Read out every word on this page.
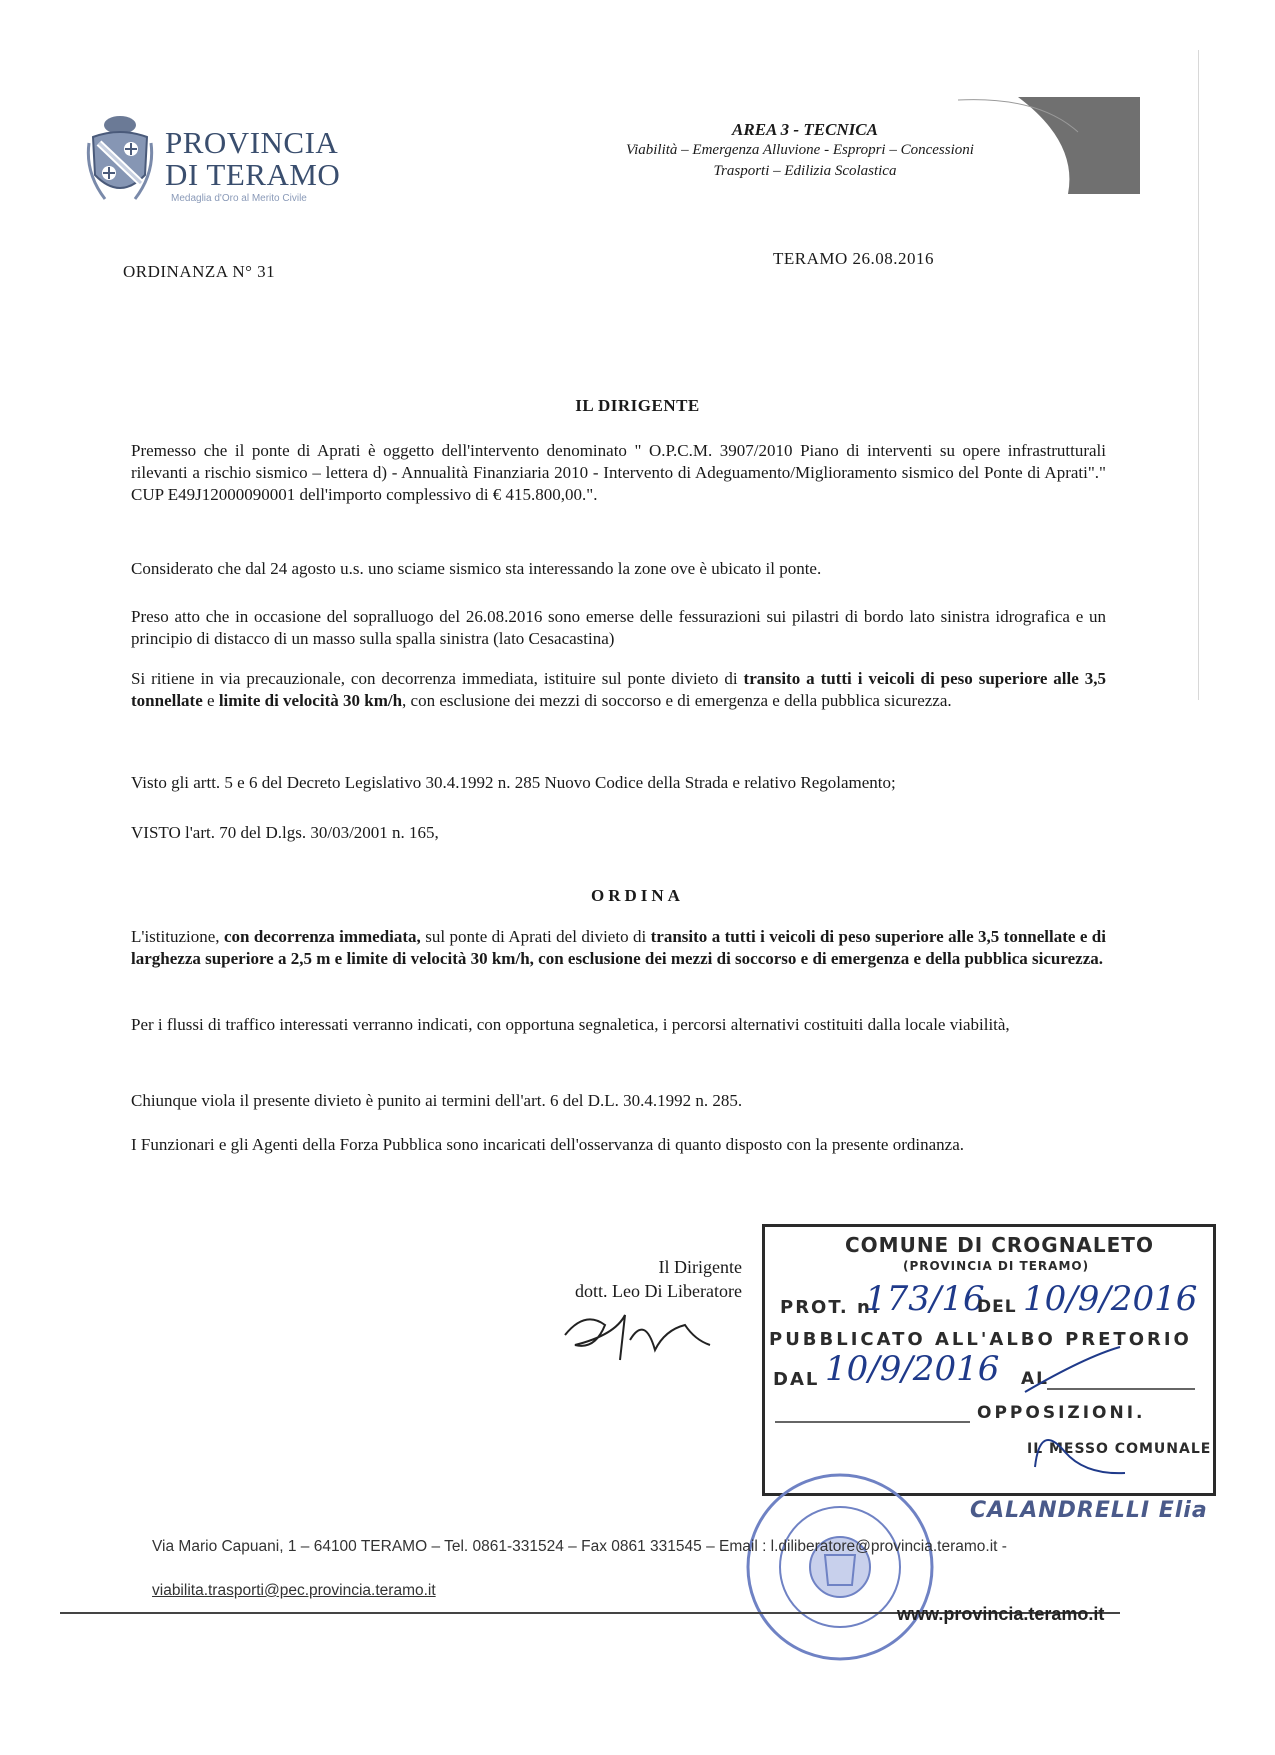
PROVINCIA
DI TERAMO
Medaglia d'Oro al Merito Civile
AREA 3 - TECNICA
Viabilità – Emergenza Alluvione - Espropri – Concessioni
Trasporti – Edilizia Scolastica
ORDINANZA N° 31
TERAMO 26.08.2016
IL DIRIGENTE
Premesso che il ponte di Aprati è oggetto dell'intervento denominato " O.P.C.M. 3907/2010 Piano di interventi su opere infrastrutturali rilevanti a rischio sismico – lettera d) - Annualità Finanziaria 2010 - Intervento di Adeguamento/Miglioramento sismico del Ponte di Aprati"." CUP E49J12000090001 dell'importo complessivo di € 415.800,00.".
Considerato che dal 24 agosto u.s. uno sciame sismico sta interessando la zone ove è ubicato il ponte.
Preso atto che in occasione del sopralluogo del 26.08.2016 sono emerse delle fessurazioni sui pilastri di bordo lato sinistra idrografica e un principio di distacco di un masso sulla spalla sinistra (lato Cesacastina)
Si ritiene in via precauzionale, con decorrenza immediata, istituire sul ponte divieto di transito a tutti i veicoli di peso superiore alle 3,5 tonnellate e limite di velocità 30 km/h, con esclusione dei mezzi di soccorso e di emergenza e della pubblica sicurezza.
Visto gli artt. 5 e 6 del Decreto Legislativo 30.4.1992 n. 285 Nuovo Codice della Strada e relativo Regolamento;
VISTO l'art. 70 del D.lgs. 30/03/2001 n. 165,
ORDINA
L'istituzione, con decorrenza immediata, sul ponte di Aprati del divieto di transito a tutti i veicoli di peso superiore alle 3,5 tonnellate e di larghezza superiore a 2,5 m e limite di velocità 30 km/h, con esclusione dei mezzi di soccorso e di emergenza e della pubblica sicurezza.
Per i flussi di traffico interessati verranno indicati, con opportuna segnaletica, i percorsi alternativi costituiti dalla locale viabilità,
Chiunque viola il presente divieto è punito ai termini dell'art. 6 del D.L. 30.4.1992 n. 285.
I Funzionari e gli Agenti della Forza Pubblica sono incaricati dell'osservanza di quanto disposto con la presente ordinanza.
Il Dirigente
dott. Leo Di Liberatore
COMUNE DI CROGNALETO
(PROVINCIA DI TERAMO)
PROT. n.
173/16
DEL 10/9/2016
PUBBLICATO ALL'ALBO PRETORIO
DAL 10/9/2016 AL
OPPOSIZIONI.
IL MESSO COMUNALE
CALANDRELLI Elia
Via Mario Capuani, 1 – 64100 TERAMO – Tel. 0861-331524 – Fax 0861 331545 – Email : l.diliberatore@provincia.teramo.it -
viabilita.trasporti@pec.provincia.teramo.it
www.provincia.teramo.it
